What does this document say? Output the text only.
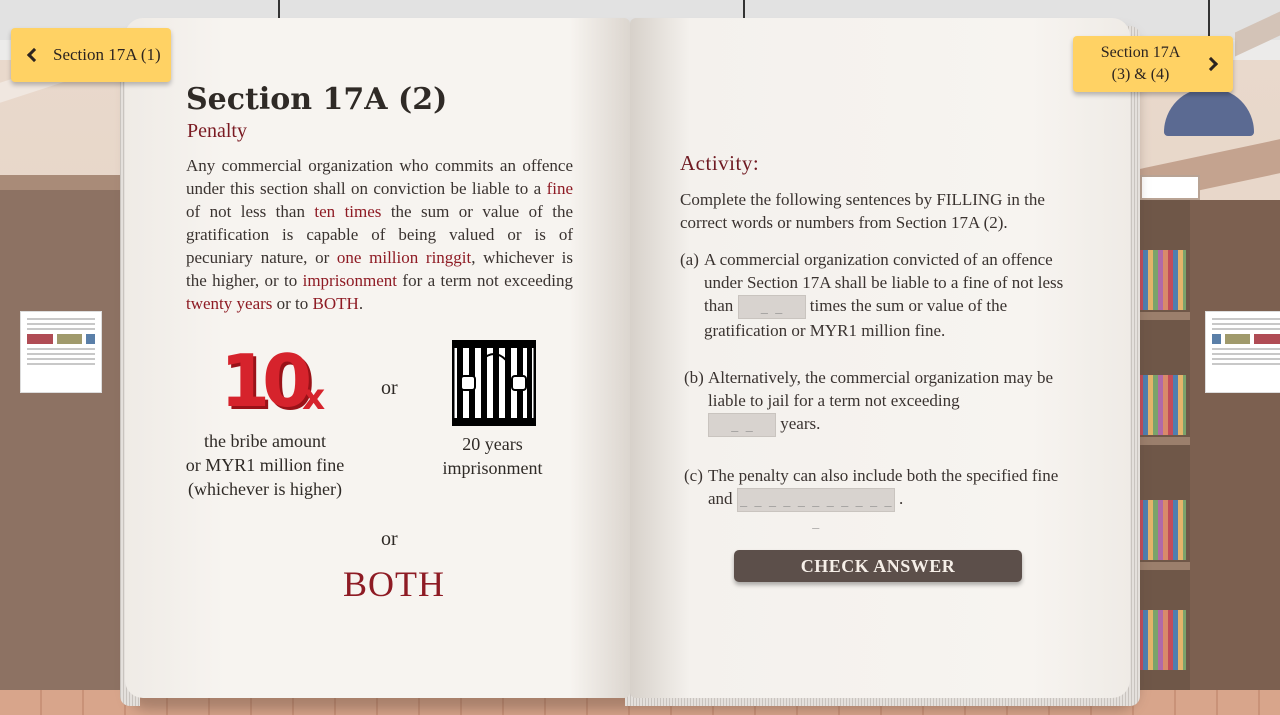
Section 17A (1)	Section 17A
(3) & (4)
Section 17A (2)
Penalty
Any commercial organization who commits an offence under this section shall on conviction be liable to a fine of not less than ten times the sum or value of the gratification is capable of being valued or is of pecuniary nature, or one million ringgit, whichever is the higher, or to imprisonment for a term not exceeding twenty years or to BOTH.
10
x	or
the bribe amount
or MYR1 million fine
(whichever is higher)
20 years
imprisonment
or
BOTH
Activity:
Complete the following sentences by FILLING in the correct words or numbers from Section 17A (2).
(a) A commercial organization convicted of an offence under Section 17A shall be liable to a fine of not less than _ _ times the sum or value of the gratification or MYR1 million fine.
(b) Alternatively, the commercial organization may be liable to jail for a term not exceeding
_ _ years.
(c) The penalty can also include both the specified fine and _ _ _ _ _ _ _ _ _ _ _ _ .
CHECK ANSWER
